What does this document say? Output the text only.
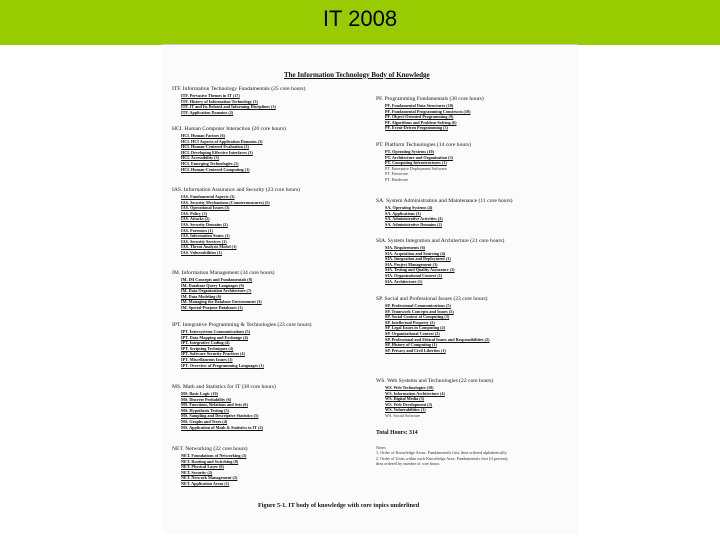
IT 2008
The Information Technology Body of Knowledge
ITF. Information Technology Fundamentals (25 core hours)
ITF. Pervasive Themes in IT (17)
ITF. History of Information Technology (3)
ITF. IT and Its Related and Informing Disciplines (3)
ITF. Application Domains (2)
HCI. Human Computer Interaction (20 core hours)
HCI. Human Factors (6)
HCI. HCI Aspects of Application Domains (3)
HCI. Human-Centered Evaluation (3)
HCI. Developing Effective Interfaces (3)
HCI. Accessibility (3)
HCI. Emerging Technologies (1)
HCI. Human-Centered Computing (1)
IAS. Information Assurance and Security (23 core hours)
IAS. Fundamental Aspects (3)
IAS. Security Mechanisms (Countermeasures) (5)
IAS. Operational Issues (3)
IAS. Policy (3)
IAS. Attacks (2)
IAS. Security Domains (2)
IAS. Forensics (1)
IAS. Information States (1)
IAS. Security Services (1)
IAS. Threat Analysis Model (1)
IAS. Vulnerabilities (1)
IM. Information Management (34 core hours)
IM. IM Concepts and Fundamentals (8)
IM. Database Query Languages (9)
IM. Data Organization Architecture (7)
IM. Data Modeling (6)
IM. Managing the Database Environment (3)
IM. Special-Purpose Databases (1)
IPT. Integrative Programming & Technologies (23 core hours)
IPT. Intersystems Communications (5)
IPT. Data Mapping and Exchange (4)
IPT. Integrative Coding (4)
IPT. Scripting Techniques (4)
IPT. Software Security Practices (4)
IPT. Miscellaneous Issues (1)
IPT. Overview of Programming Languages (1)
MS. Math and Statistics for IT (38 core hours)
MS. Basic Logic (10)
MS. Discrete Probability (6)
MS. Functions, Relations and Sets (6)
MS. Hypothesis Testing (5)
MS. Sampling and Descriptive Statistics (5)
MS. Graphs and Trees (4)
MS. Application of Math & Statistics to IT (2)
NET. Networking (22 core hours)
NET. Foundations of Networking (3)
NET. Routing and Switching (8)
NET. Physical Layer (6)
NET. Security (2)
NET. Network Management (2)
NET. Application Areas (1)
PF. Programming Fundamentals (38 core hours)
PF. Fundamental Data Structures (10)
PF. Fundamental Programming Constructs (10)
PF. Object-Oriented Programming (9)
PF. Algorithms and Problem-Solving (6)
PF. Event-Driven Programming (3)
PT. Platform Technologies (14 core hours)
PT. Operating Systems (10)
PT. Architecture and Organization (3)
PT. Computing Infrastructures (1)
PT. Enterprise Deployment Software
PT. Firmware
PT. Hardware
SA. System Administration and Maintenance (11 core hours)
SA. Operating Systems (4)
SA. Applications (3)
SA. Administrative Activities (2)
SA. Administrative Domains (2)
SIA. System Integration and Architecture (21 core hours)
SIA. Requirements (6)
SIA. Acquisition and Sourcing (4)
SIA. Integration and Deployment (3)
SIA. Project Management (3)
SIA. Testing and Quality Assurance (3)
SIA. Organizational Context (1)
SIA. Architecture (1)
SP. Social and Professional Issues (23 core hours)
SP. Professional Communications (5)
SP. Teamwork Concepts and Issues (5)
SP. Social Context of Computing (3)
SP. Intellectual Property (2)
SP. Legal Issues in Computing (2)
SP. Organizational Context (2)
SP. Professional and Ethical Issues and Responsibilities (2)
SP. History of Computing (1)
SP. Privacy and Civil Liberties (1)
WS. Web Systems and Technologies (22 core hours)
WS. Web Technologies (10)
WS. Information Architecture (4)
WS. Digital Media (3)
WS. Web Development (3)
WS. Vulnerabilities (1)
WS. Social Software
Total Hours: 314
Notes
1. Order of Knowledge Areas: Fundamentals first, then ordered alphabetically.
2. Order of Units within each Knowledge Area: Fundamentals first (if present),
then ordered by number of core hours.
Figure 5-1. IT body of knowledge with core topics underlined
